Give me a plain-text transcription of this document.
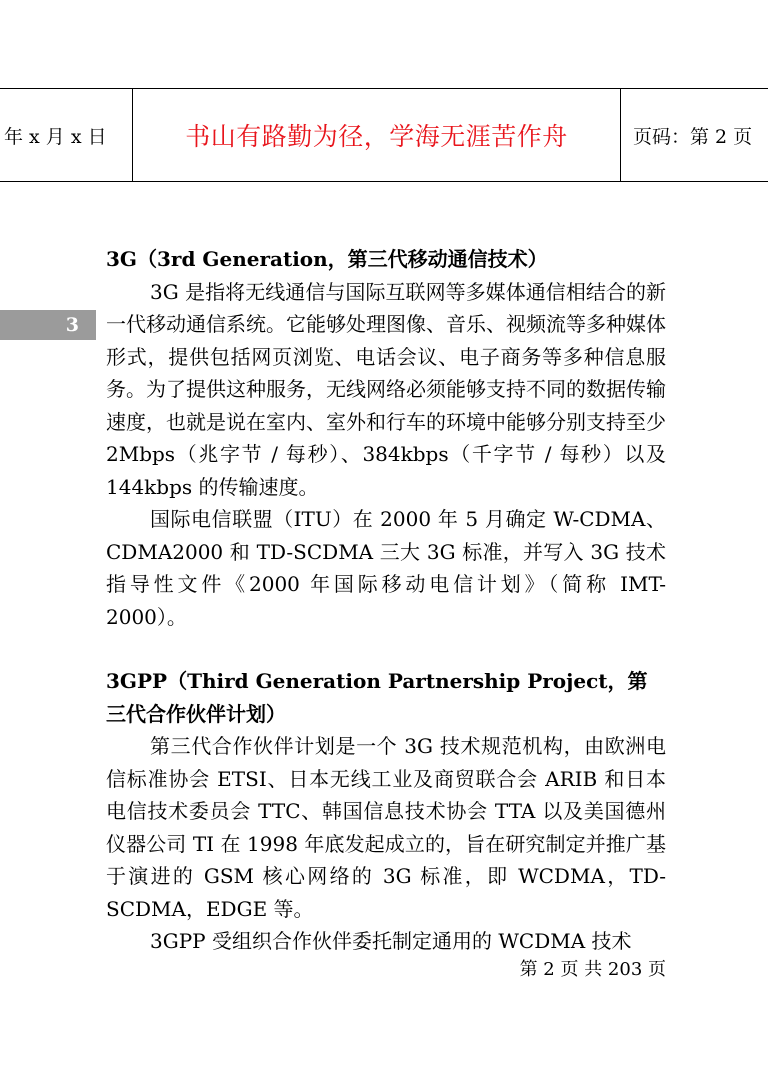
年 x 月 x 日	书山有路勤为径，学海无涯苦作舟	页码：第 2 页
3
3G（3rd Generation，第三代移动通信技术）

3G 是指将无线通信与国际互联网等多媒体通信相结合的新一代移动通信系统。它能够处理图像、音乐、视频流等多种媒体形式，提供包括网页浏览、电话会议、电子商务等多种信息服务。为了提供这种服务，无线网络必须能够支持不同的数据传输速度，也就是说在室内、室外和行车的环境中能够分别支持至少 2Mbps（兆字节 / 每秒）、384kbps（千字节 / 每秒）以及 144kbps 的传输速度。

国际电信联盟（ITU）在 2000 年 5 月确定 W-CDMA、CDMA2000 和 TD-SCDMA 三大 3G 标准，并写入 3G 技术指导性文件《2000 年国际移动电信计划》（简称 IMT-2000）。

3GPP（Third Generation Partnership Project，第三代合作伙伴计划）

第三代合作伙伴计划是一个 3G 技术规范机构，由欧洲电信标准协会 ETSI、日本无线工业及商贸联合会 ARIB 和日本电信技术委员会 TTC、韩国信息技术协会 TTA 以及美国德州仪器公司 TI 在 1998 年底发起成立的，旨在研究制定并推广基于演进的 GSM 核心网络的 3G 标准，即 WCDMA，TD-SCDMA，EDGE 等。

3GPP 受组织合作伙伴委托制定通用的 WCDMA 技术

第 2 页 共 203 页
